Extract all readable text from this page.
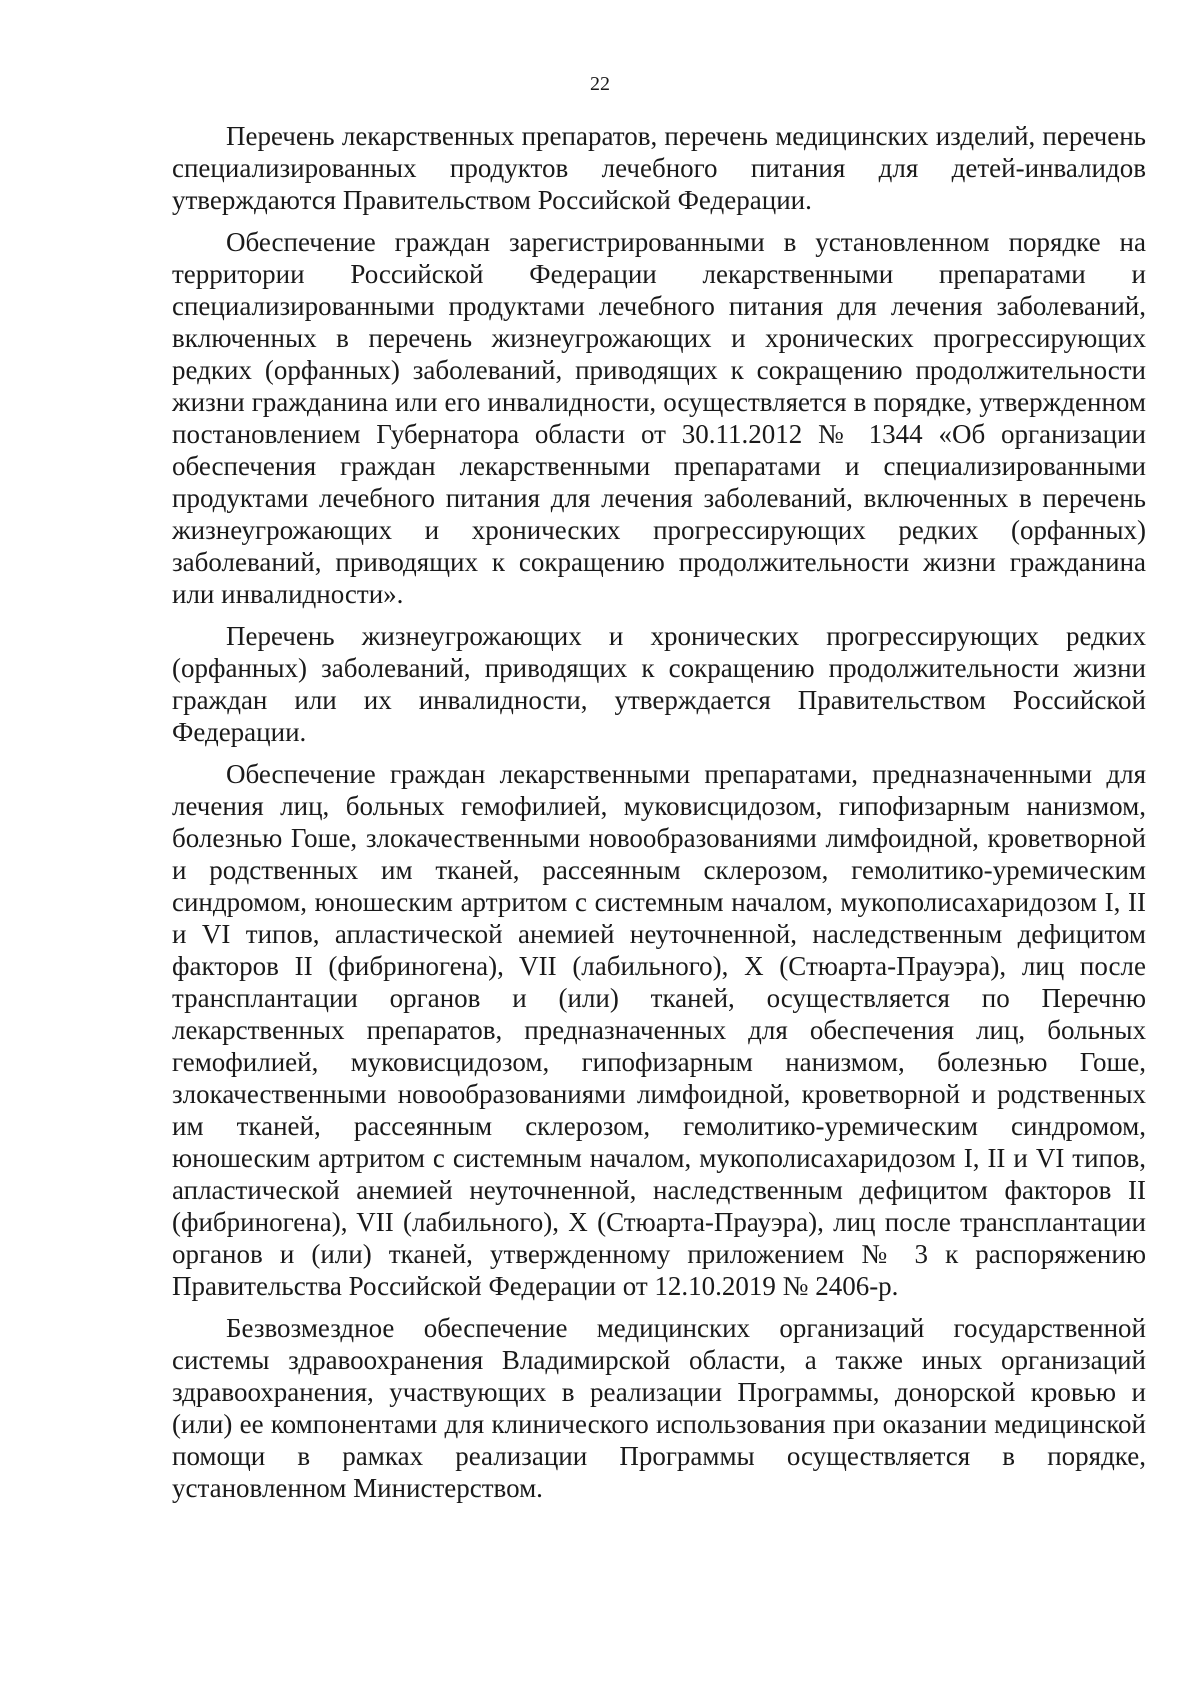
22

Перечень лекарственных препаратов, перечень медицинских изделий, перечень специализированных продуктов лечебного питания для детей-инвалидов утверждаются Правительством Российской Федерации.

Обеспечение граждан зарегистрированными в установленном порядке на территории Российской Федерации лекарственными препаратами и специализированными продуктами лечебного питания для лечения заболеваний, включенных в перечень жизнеугрожающих и хронических прогрессирующих редких (орфанных) заболеваний, приводящих к сокращению продолжительности жизни гражданина или его инвалидности, осуществляется в порядке, утвержденном постановлением Губернатора области от 30.11.2012 № 1344 «Об организации обеспечения граждан лекарственными препаратами и специализированными продуктами лечебного питания для лечения заболеваний, включенных в перечень жизнеугрожающих и хронических прогрессирующих редких (орфанных) заболеваний, приводящих к сокращению продолжительности жизни гражданина или инвалидности».

Перечень жизнеугрожающих и хронических прогрессирующих редких (орфанных) заболеваний, приводящих к сокращению продолжительности жизни граждан или их инвалидности, утверждается Правительством Российской Федерации.

Обеспечение граждан лекарственными препаратами, предназначенными для лечения лиц, больных гемофилией, муковисцидозом, гипофизарным нанизмом, болезнью Гоше, злокачественными новообразованиями лимфоидной, кроветворной и родственных им тканей, рассеянным склерозом, гемолитико-уремическим синдромом, юношеским артритом с системным началом, мукополисахаридозом I, II и VI типов, апластической анемией неуточненной, наследственным дефицитом факторов II (фибриногена), VII (лабильного), X (Стюарта-Прауэра), лиц после трансплантации органов и (или) тканей, осуществляется по Перечню лекарственных препаратов, предназначенных для обеспечения лиц, больных гемофилией, муковисцидозом, гипофизарным нанизмом, болезнью Гоше, злокачественными новообразованиями лимфоидной, кроветворной и родственных им тканей, рассеянным склерозом, гемолитико-уремическим синдромом, юношеским артритом с системным началом, мукополисахаридозом I, II и VI типов, апластической анемией неуточненной, наследственным дефицитом факторов II (фибриногена), VII (лабильного), X (Стюарта-Прауэра), лиц после трансплантации органов и (или) тканей, утвержденному приложением № 3 к распоряжению Правительства Российской Федерации от 12.10.2019 № 2406-р.

Безвозмездное обеспечение медицинских организаций государственной системы здравоохранения Владимирской области, а также иных организаций здравоохранения, участвующих в реализации Программы, донорской кровью и (или) ее компонентами для клинического использования при оказании медицинской помощи в рамках реализации Программы осуществляется в порядке, установленном Министерством.
